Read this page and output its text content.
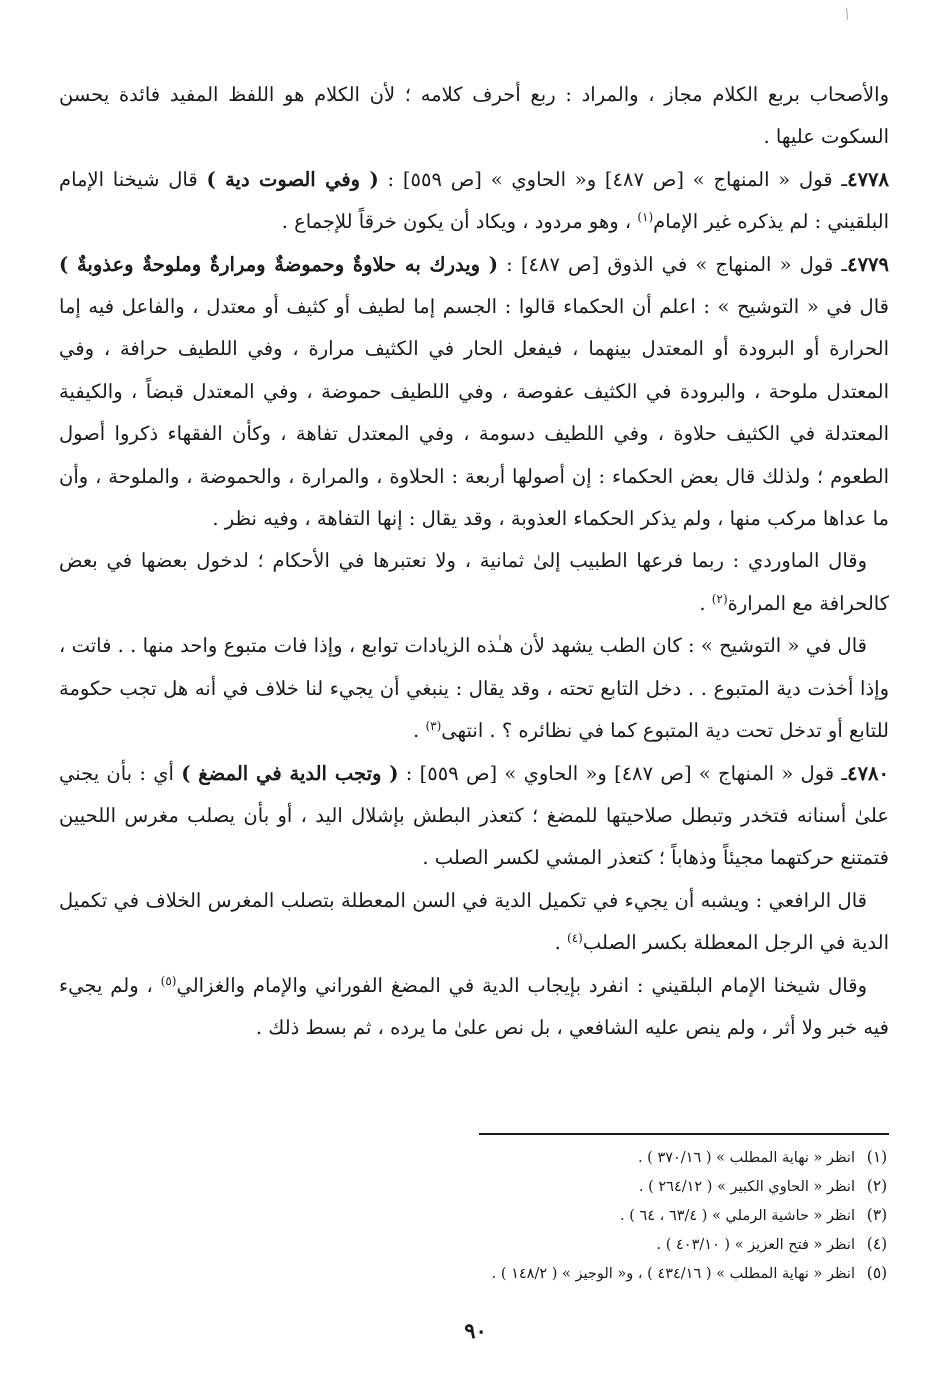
⁄

والأصحاب بربع الكلام مجاز ، والمراد : ربع أحرف كلامه ؛ لأن الكلام هو اللفظ المفيد فائدة يحسن السكوت عليها .

٤٧٧٨ـ قول « المنهاج » [ص ٤٨٧] و« الحاوي » [ص ٥٥٩] : ( وفي الصوت دية ) قال شيخنا الإمام البلقيني : لم يذكره غير الإمام$^{(١)}$ ، وهو مردود ، ويكاد أن يكون خرقاً للإجماع .

٤٧٧٩ـ قول « المنهاج » في الذوق [ص ٤٨٧] : ( ويدرك به حلاوةٌ وحموضةٌ ومرارةٌ وملوحةٌ وعذوبةٌ ) قال في « التوشيح » : اعلم أن الحكماء قالوا : الجسم إما لطيف أو كثيف أو معتدل ، والفاعل فيه إما الحرارة أو البرودة أو المعتدل بينهما ، فيفعل الحار في الكثيف مرارة ، وفي اللطيف حرافة ، وفي المعتدل ملوحة ، والبرودة في الكثيف عفوصة ، وفي اللطيف حموضة ، وفي المعتدل قبضاً ، والكيفية المعتدلة في الكثيف حلاوة ، وفي اللطيف دسومة ، وفي المعتدل تفاهة ، وكأن الفقهاء ذكروا أصول الطعوم ؛ ولذلك قال بعض الحكماء : إن أصولها أربعة : الحلاوة ، والمرارة ، والحموضة ، والملوحة ، وأن ما عداها مركب منها ، ولم يذكر الحكماء العذوبة ، وقد يقال : إنها التفاهة ، وفيه نظر .

وقال الماوردي : ربما فرعها الطبيب إلىٰ ثمانية ، ولا نعتبرها في الأحكام ؛ لدخول بعضها في بعض كالحرافة مع المرارة$^{(٢)}$ .

قال في « التوشيح » : كان الطب يشهد لأن هـٰذه الزيادات توابع ، وإذا فات متبوع واحد منها . . فاتت ، وإذا أخذت دية المتبوع . . دخل التابع تحته ، وقد يقال : ينبغي أن يجيء لنا خلاف في أنه هل تجب حكومة للتابع أو تدخل تحت دية المتبوع كما في نظائره ؟ . انتهى$^{(٣)}$ .

٤٧٨٠ـ قول « المنهاج » [ص ٤٨٧] و« الحاوي » [ص ٥٥٩] : ( وتجب الدية في المضغ ) أي : بأن يجني علىٰ أسنانه فتخدر وتبطل صلاحيتها للمضغ ؛ كتعذر البطش بإشلال اليد ، أو بأن يصلب مغرس اللحيين فتمتنع حركتهما مجيئاً وذهاباً ؛ كتعذر المشي لكسر الصلب .

قال الرافعي : ويشبه أن يجيء في تكميل الدية في السن المعطلة بتصلب المغرس الخلاف في تكميل الدية في الرجل المعطلة بكسر الصلب$^{(٤)}$ .

وقال شيخنا الإمام البلقيني : انفرد بإيجاب الدية في المضغ الفوراني والإمام والغزالي$^{(٥)}$ ، ولم يجيء فيه خبر ولا أثر ، ولم ينص عليه الشافعي ، بل نص علىٰ ما يرده ، ثم بسط ذلك .

(١)
انظر « نهاية المطلب » ( ٣٧٠/١٦ ) .
(٢)
انظر « الحاوي الكبير » ( ٢٦٤/١٢ ) .
(٣)
انظر « حاشية الرملي » ( ٦٣/٤ ، ٦٤ ) .
(٤)
انظر « فتح العزيز » ( ٤٠٣/١٠ ) .
(٥)
انظر « نهاية المطلب » ( ٤٣٤/١٦ ) ، و« الوجيز » ( ١٤٨/٢ ) .
٩٠
